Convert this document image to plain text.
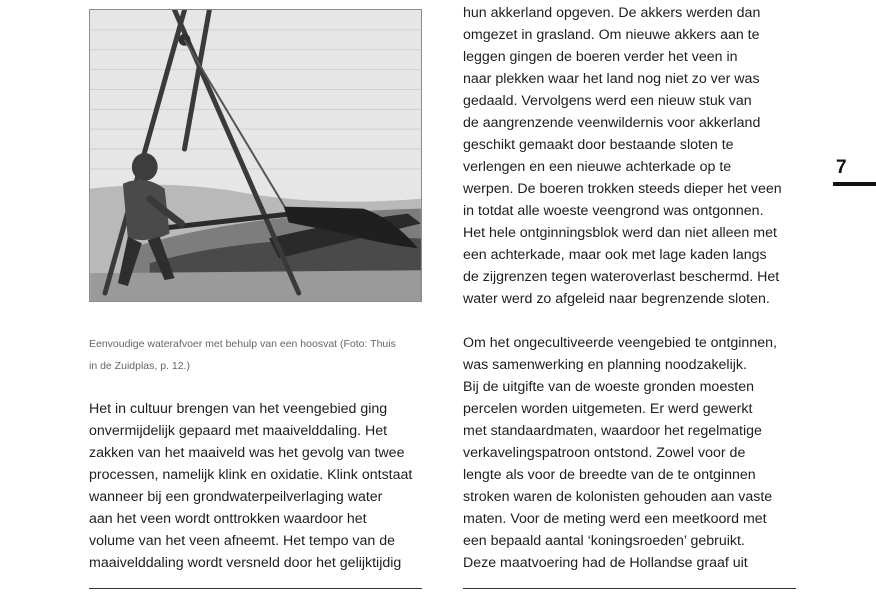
Eenvoudige waterafvoer met behulp van een hoosvat (Foto: Thuis
in de Zuidplas, p. 12.)
Het in cultuur brengen van het veengebied ging
onvermijdelijk gepaard met maaivelddaling. Het
zakken van het maaiveld was het gevolg van twee
processen, namelijk klink en oxidatie. Klink ontstaat
wanneer bij een grondwaterpeilverlaging water
aan het veen wordt onttrokken waardoor het
volume van het veen afneemt. Het tempo van de
maaivelddaling wordt versneld door het gelijktijdig
hun akkerland opgeven. De akkers werden dan
omgezet in grasland. Om nieuwe akkers aan te
leggen gingen de boeren verder het veen in
naar plekken waar het land nog niet zo ver was
gedaald. Vervolgens werd een nieuw stuk van
de aangrenzende veenwildernis voor akkerland
geschikt gemaakt door bestaande sloten te
verlengen en een nieuwe achterkade op te
werpen. De boeren trokken steeds dieper het veen
in totdat alle woeste veengrond was ontgonnen.
Het hele ontginningsblok werd dan niet alleen met
een achterkade, maar ook met lage kaden langs
de zijgrenzen tegen wateroverlast beschermd. Het
water werd zo afgeleid naar begrenzende sloten.
Om het ongecultiveerde veengebied te ontginnen,
was samenwerking en planning noodzakelijk.
Bij de uitgifte van de woeste gronden moesten
percelen worden uitgemeten. Er werd gewerkt
met standaardmaten, waardoor het regelmatige
verkavelingspatroon ontstond. Zowel voor de
lengte als voor de breedte van de te ontginnen
stroken waren de kolonisten gehouden aan vaste
maten. Voor de meting werd een meetkoord met
een bepaald aantal ‘koningsroeden’ gebruikt.
Deze maatvoering had de Hollandse graaf uit
7
